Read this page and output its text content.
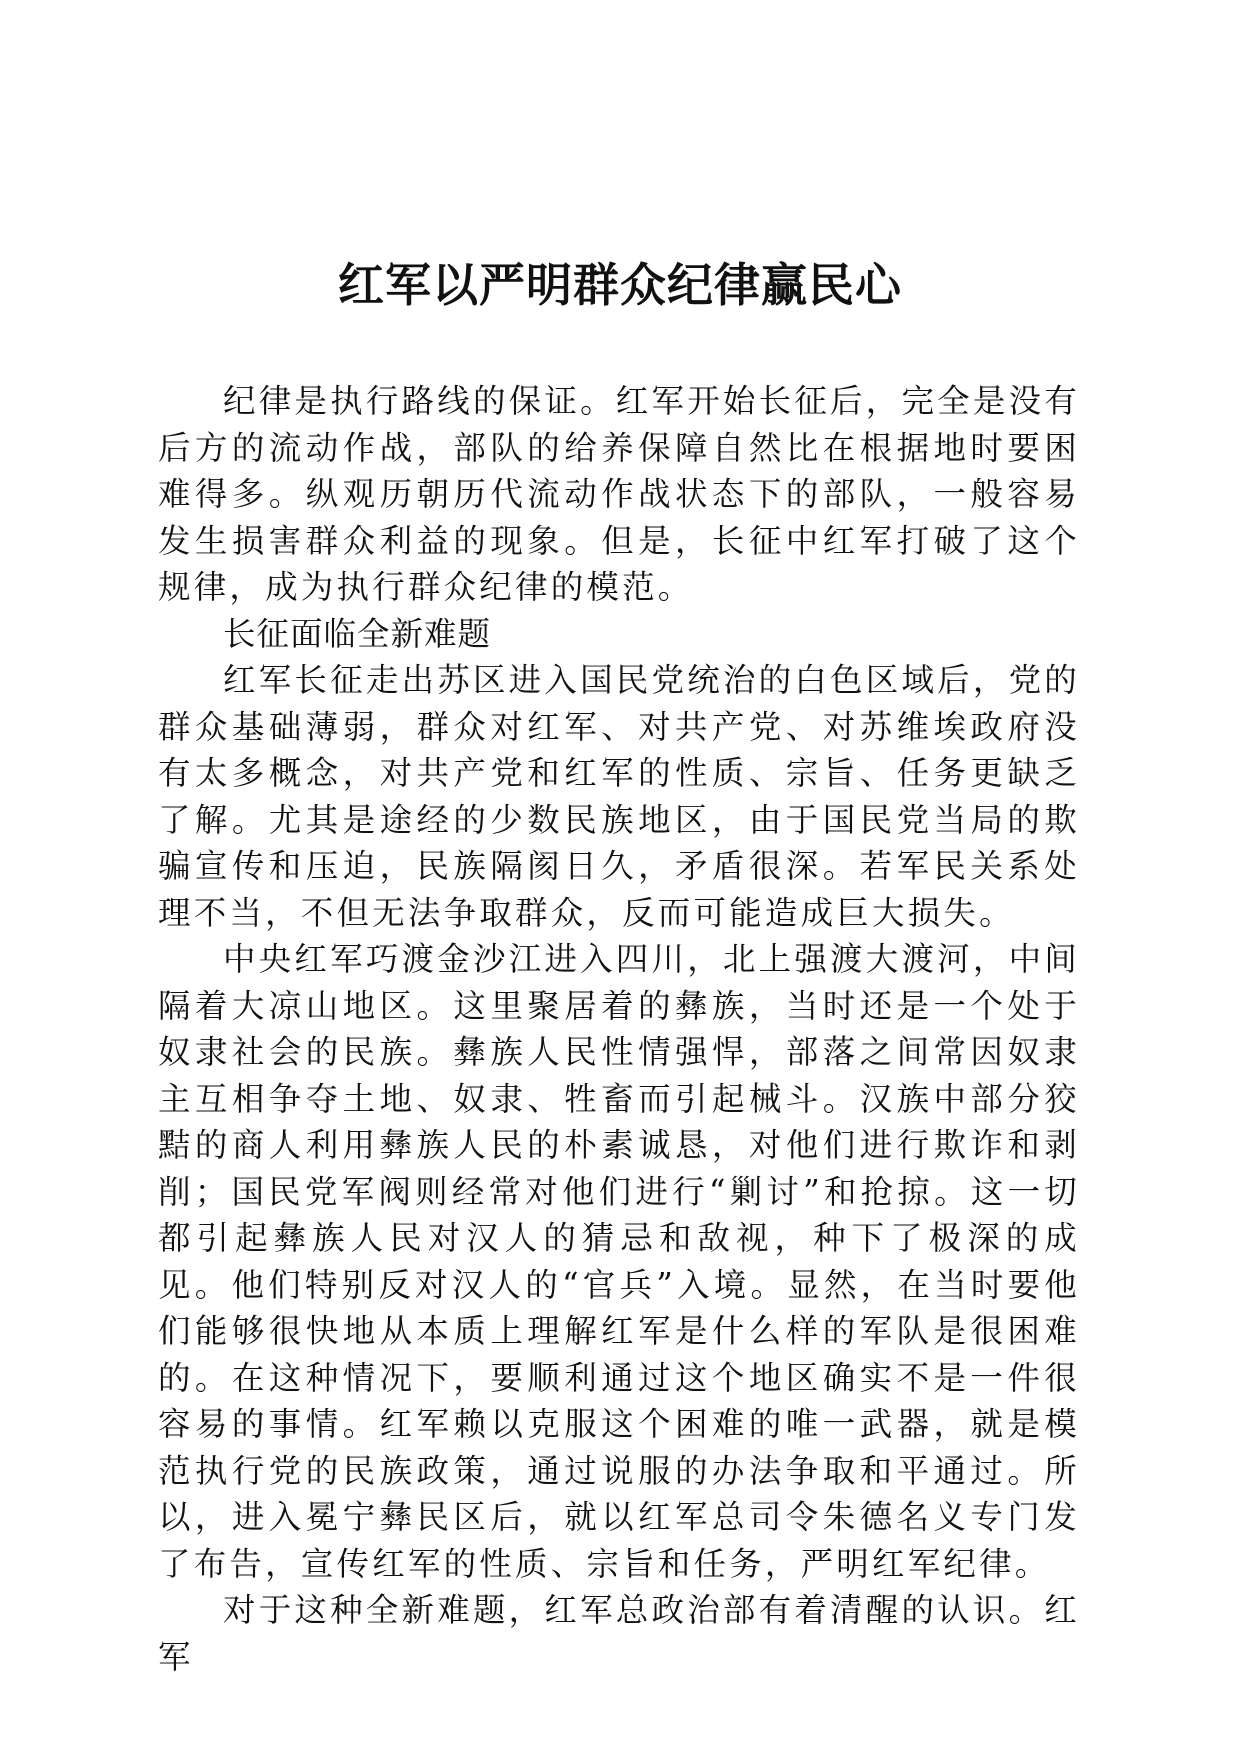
红军以严明群众纪律赢民心

纪律是执行路线的保证。红军开始长征后，完全是没有后方的流动作战，部队的给养保障自然比在根据地时要困难得多。纵观历朝历代流动作战状态下的部队，一般容易发生损害群众利益的现象。但是，长征中红军打破了这个规律，成为执行群众纪律的模范。

长征面临全新难题

红军长征走出苏区进入国民党统治的白色区域后，党的群众基础薄弱，群众对红军、对共产党、对苏维埃政府没有太多概念，对共产党和红军的性质、宗旨、任务更缺乏了解。尤其是途经的少数民族地区，由于国民党当局的欺骗宣传和压迫，民族隔阂日久，矛盾很深。若军民关系处理不当，不但无法争取群众，反而可能造成巨大损失。

中央红军巧渡金沙江进入四川，北上强渡大渡河，中间隔着大凉山地区。这里聚居着的彝族，当时还是一个处于奴隶社会的民族。彝族人民性情强悍，部落之间常因奴隶主互相争夺土地、奴隶、牲畜而引起械斗。汉族中部分狡黠的商人利用彝族人民的朴素诚恳，对他们进行欺诈和剥削；国民党军阀则经常对他们进行“剿讨”和抢掠。这一切都引起彝族人民对汉人的猜忌和敌视，种下了极深的成见。他们特别反对汉人的“官兵”入境。显然，在当时要他们能够很快地从本质上理解红军是什么样的军队是很困难的。在这种情况下，要顺利通过这个地区确实不是一件很容易的事情。红军赖以克服这个困难的唯一武器，就是模范执行党的民族政策，通过说服的办法争取和平通过。所以，进入冕宁彝民区后，就以红军总司令朱德名义专门发了布告，宣传红军的性质、宗旨和任务，严明红军纪律。

对于这种全新难题，红军总政治部有着清醒的认识。红军
